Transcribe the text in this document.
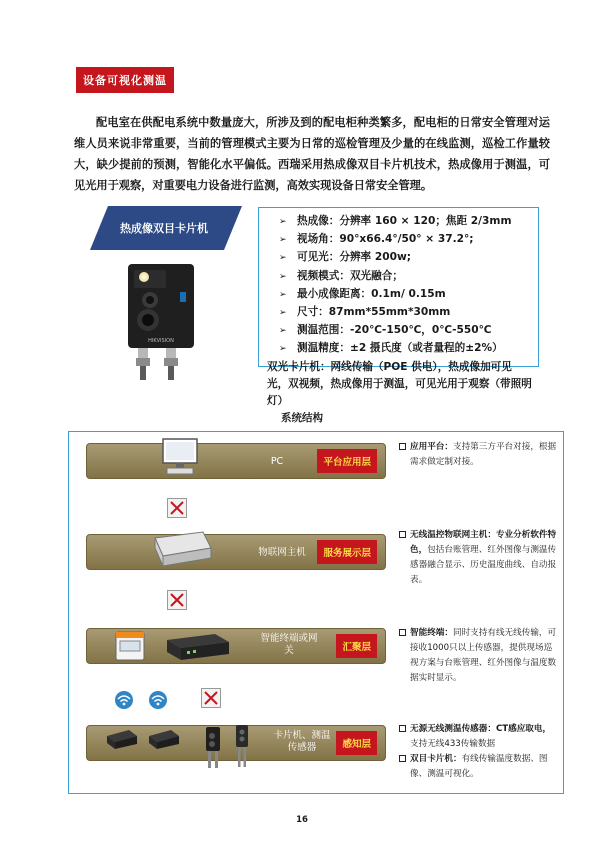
设备可视化测温

配电室在供配电系统中数量庞大，所涉及到的配电柜种类繁多，配电柜的日常安全管理对运维人员来说非常重要，当前的管理模式主要为日常的巡检管理及少量的在线监测，巡检工作量较大，缺少提前的预测，智能化水平偏低。西瑞采用热成像双目卡片机技术，热成像用于测温，可见光用于观察，对重要电力设备进行监测，高效实现设备日常安全管理。

热成像双目卡片机
HIKVISION
➢ 热成像：分辨率 160 × 120；焦距 2/3mm
➢ 视场角：90°x66.4°/50° × 37.2°;
➢ 可见光：分辨率 200w;
➢ 视频模式：双光融合；
➢ 最小成像距离：0.1m/ 0.15m
➢ 尺寸：87mm*55mm*30mm
➢ 测温范围：-20℃-150℃，0℃-550℃
➢ 测温精度：±2 摄氏度（或者量程的±2%）

双光卡片机：网线传输（POE 供电），热成像加可见光，双视频，热成像用于测温，可见光用于观察（带照明灯）

系统结构
PC	平台应用层
物联网主机	服务展示层
智能终端或网关	汇聚层
卡片机、测温传感器	感知层

应用平台：支持第三方平台对接，根据需求做定制对接。

无线温控物联网主机：专业分析软件特色，包括台账管理、红外图像与测温传感器融合显示、历史温度曲线、自动报表。

智能终端：同时支持有线无线传输，可接收1000只以上传感器，提供现场巡视方案与台账管理、红外图像与温度数据实时显示。

无源无线测温传感器：CT感应取电，支持无线433传输数据

双目卡片机：有线传输温度数据、图像、测温可视化。

16
